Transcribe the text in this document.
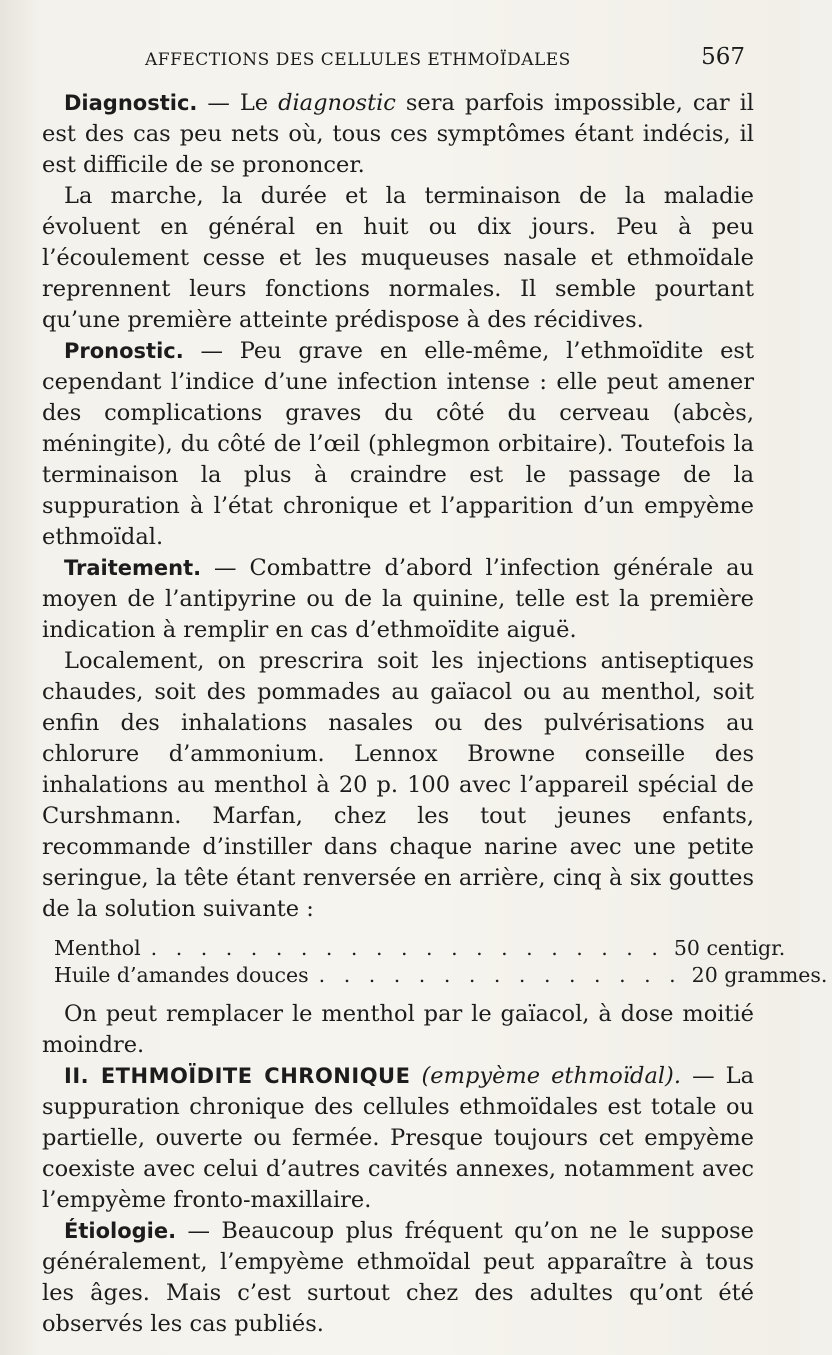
AFFECTIONS DES CELLULES ETHMOÏDALES	567

Diagnostic. — Le diagnostic sera parfois impossible, car il est des cas peu nets où, tous ces symptômes étant indécis, il est difficile de se prononcer.

La marche, la durée et la terminaison de la maladie évoluent en général en huit ou dix jours. Peu à peu l’écoulement cesse et les muqueuses nasale et ethmoïdale reprennent leurs fonctions normales. Il semble pourtant qu’une première atteinte prédispose à des récidives.

Pronostic. — Peu grave en elle-même, l’ethmoïdite est cependant l’indice d’une infection intense : elle peut amener des complications graves du côté du cerveau (abcès, méningite), du côté de l’œil (phlegmon orbitaire). Toutefois la terminaison la plus à craindre est le passage de la suppuration à l’état chronique et l’apparition d’un empyème ethmoïdal.

Traitement. — Combattre d’abord l’infection générale au moyen de l’antipyrine ou de la quinine, telle est la première indication à remplir en cas d’ethmoïdite aiguë.

Localement, on prescrira soit les injections antiseptiques chaudes, soit des pommades au gaïacol ou au menthol, soit enfin des inhalations nasales ou des pulvérisations au chlorure d’ammonium. Lennox Browne conseille des inhalations au menthol à 20 p. 100 avec l’appareil spécial de Curshmann. Marfan, chez les tout jeunes enfants, recommande d’instiller dans chaque narine avec une petite seringue, la tête étant renversée en arrière, cinq à six gouttes de la solution suivante :

Menthol . . . . . . . . . . . . . . . . . . . . . 50 centigr.
Huile d’amandes douces . . . . . . . . . . . . . . . 20 grammes.

On peut remplacer le menthol par le gaïacol, à dose moitié moindre.

II. ETHMOÏDITE CHRONIQUE (empyème ethmoïdal). — La suppuration chronique des cellules ethmoïdales est totale ou partielle, ouverte ou fermée. Presque toujours cet empyème coexiste avec celui d’autres cavités annexes, notamment avec l’empyème fronto-maxillaire.

Étiologie. — Beaucoup plus fréquent qu’on ne le suppose généralement, l’empyème ethmoïdal peut apparaître à tous les âges. Mais c’est surtout chez des adultes qu’ont été observés les cas publiés.
